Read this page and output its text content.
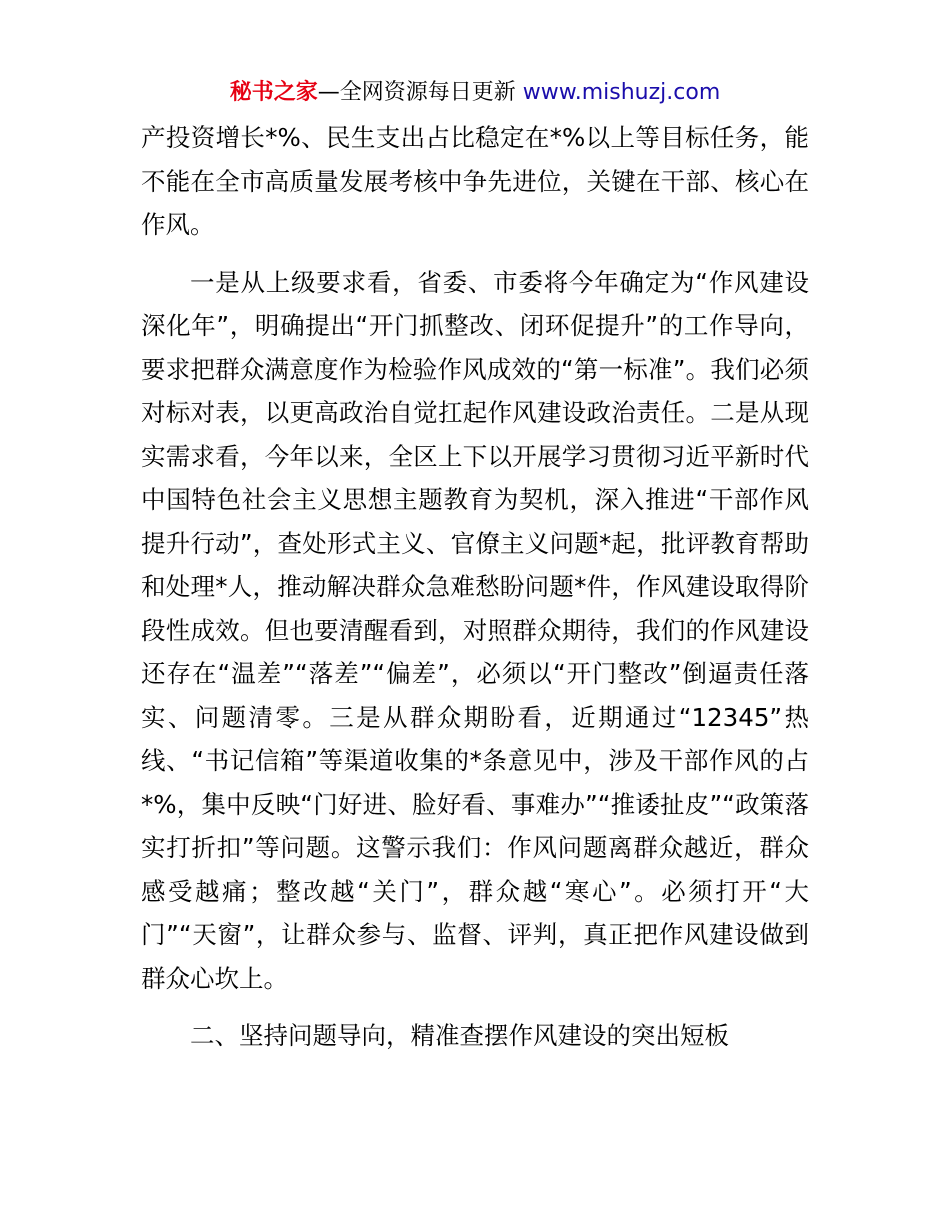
秘书之家—全网资源每日更新 www.mishuzj.com

产投资增长*%、民生支出占比稳定在*%以上等目标任务，能不能在全市高质量发展考核中争先进位，关键在干部、核心在作风。

一是从上级要求看，省委、市委将今年确定为“作风建设深化年”，明确提出“开门抓整改、闭环促提升”的工作导向，要求把群众满意度作为检验作风成效的“第一标准”。我们必须对标对表，以更高政治自觉扛起作风建设政治责任。二是从现实需求看，今年以来，全区上下以开展学习贯彻习近平新时代中国特色社会主义思想主题教育为契机，深入推进“干部作风提升行动”，查处形式主义、官僚主义问题*起，批评教育帮助和处理*人，推动解决群众急难愁盼问题*件，作风建设取得阶段性成效。但也要清醒看到，对照群众期待，我们的作风建设还存在“温差”“落差”“偏差”，必须以“开门整改”倒逼责任落实、问题清零。三是从群众期盼看，近期通过“12345”热线、“书记信箱”等渠道收集的*条意见中，涉及干部作风的占*%，集中反映“门好进、脸好看、事难办”“推诿扯皮”“政策落实打折扣”等问题。这警示我们：作风问题离群众越近，群众感受越痛；整改越“关门”，群众越“寒心”。必须打开“大门”“天窗”，让群众参与、监督、评判，真正把作风建设做到群众心坎上。

二、坚持问题导向，精准查摆作风建设的突出短板
